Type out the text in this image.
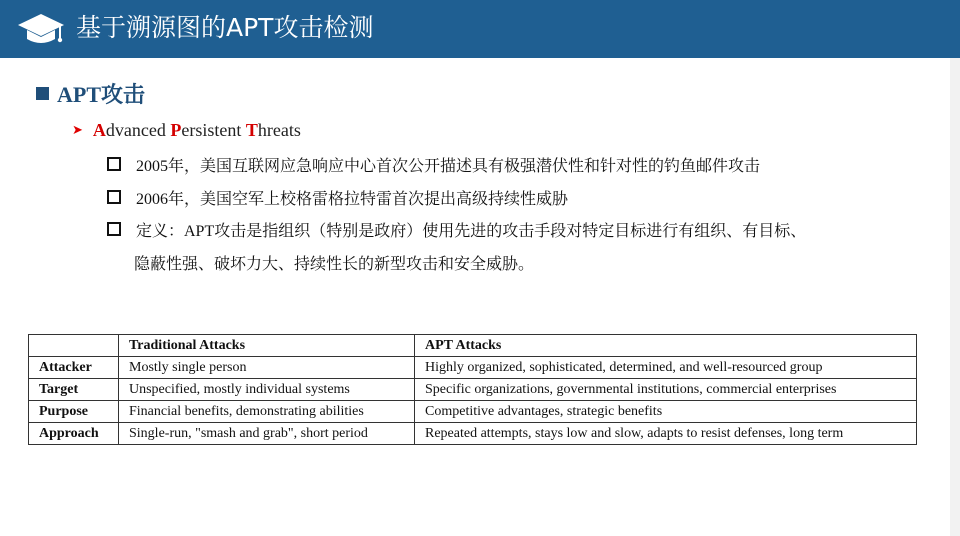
基于溯源图的APT攻击检测
APT攻击
➤ A dvanced P ersistent T hreats
2005年，美国互联网应急响应中心首次公开描述具有极强潜伏性和针对性的钓鱼邮件攻击
2006年，美国空军上校格雷格拉特雷首次提出高级持续性威胁
定义：APT攻击是指组织（特别是政府）使用先进的攻击手段对特定目标进行有组织、有目标、
隐蔽性强、破坏力大、持续性长的新型攻击和安全威胁。
	Traditional Attacks	APT Attacks
Attacker	Mostly single person	Highly organized, sophisticated, determined, and well-resourced group
Target	Unspecified, mostly individual systems	Specific organizations, governmental institutions, commercial enterprises
Purpose	Financial benefits, demonstrating abilities	Competitive advantages, strategic benefits
Approach	Single-run, "smash and grab", short period	Repeated attempts, stays low and slow, adapts to resist defenses, long term
